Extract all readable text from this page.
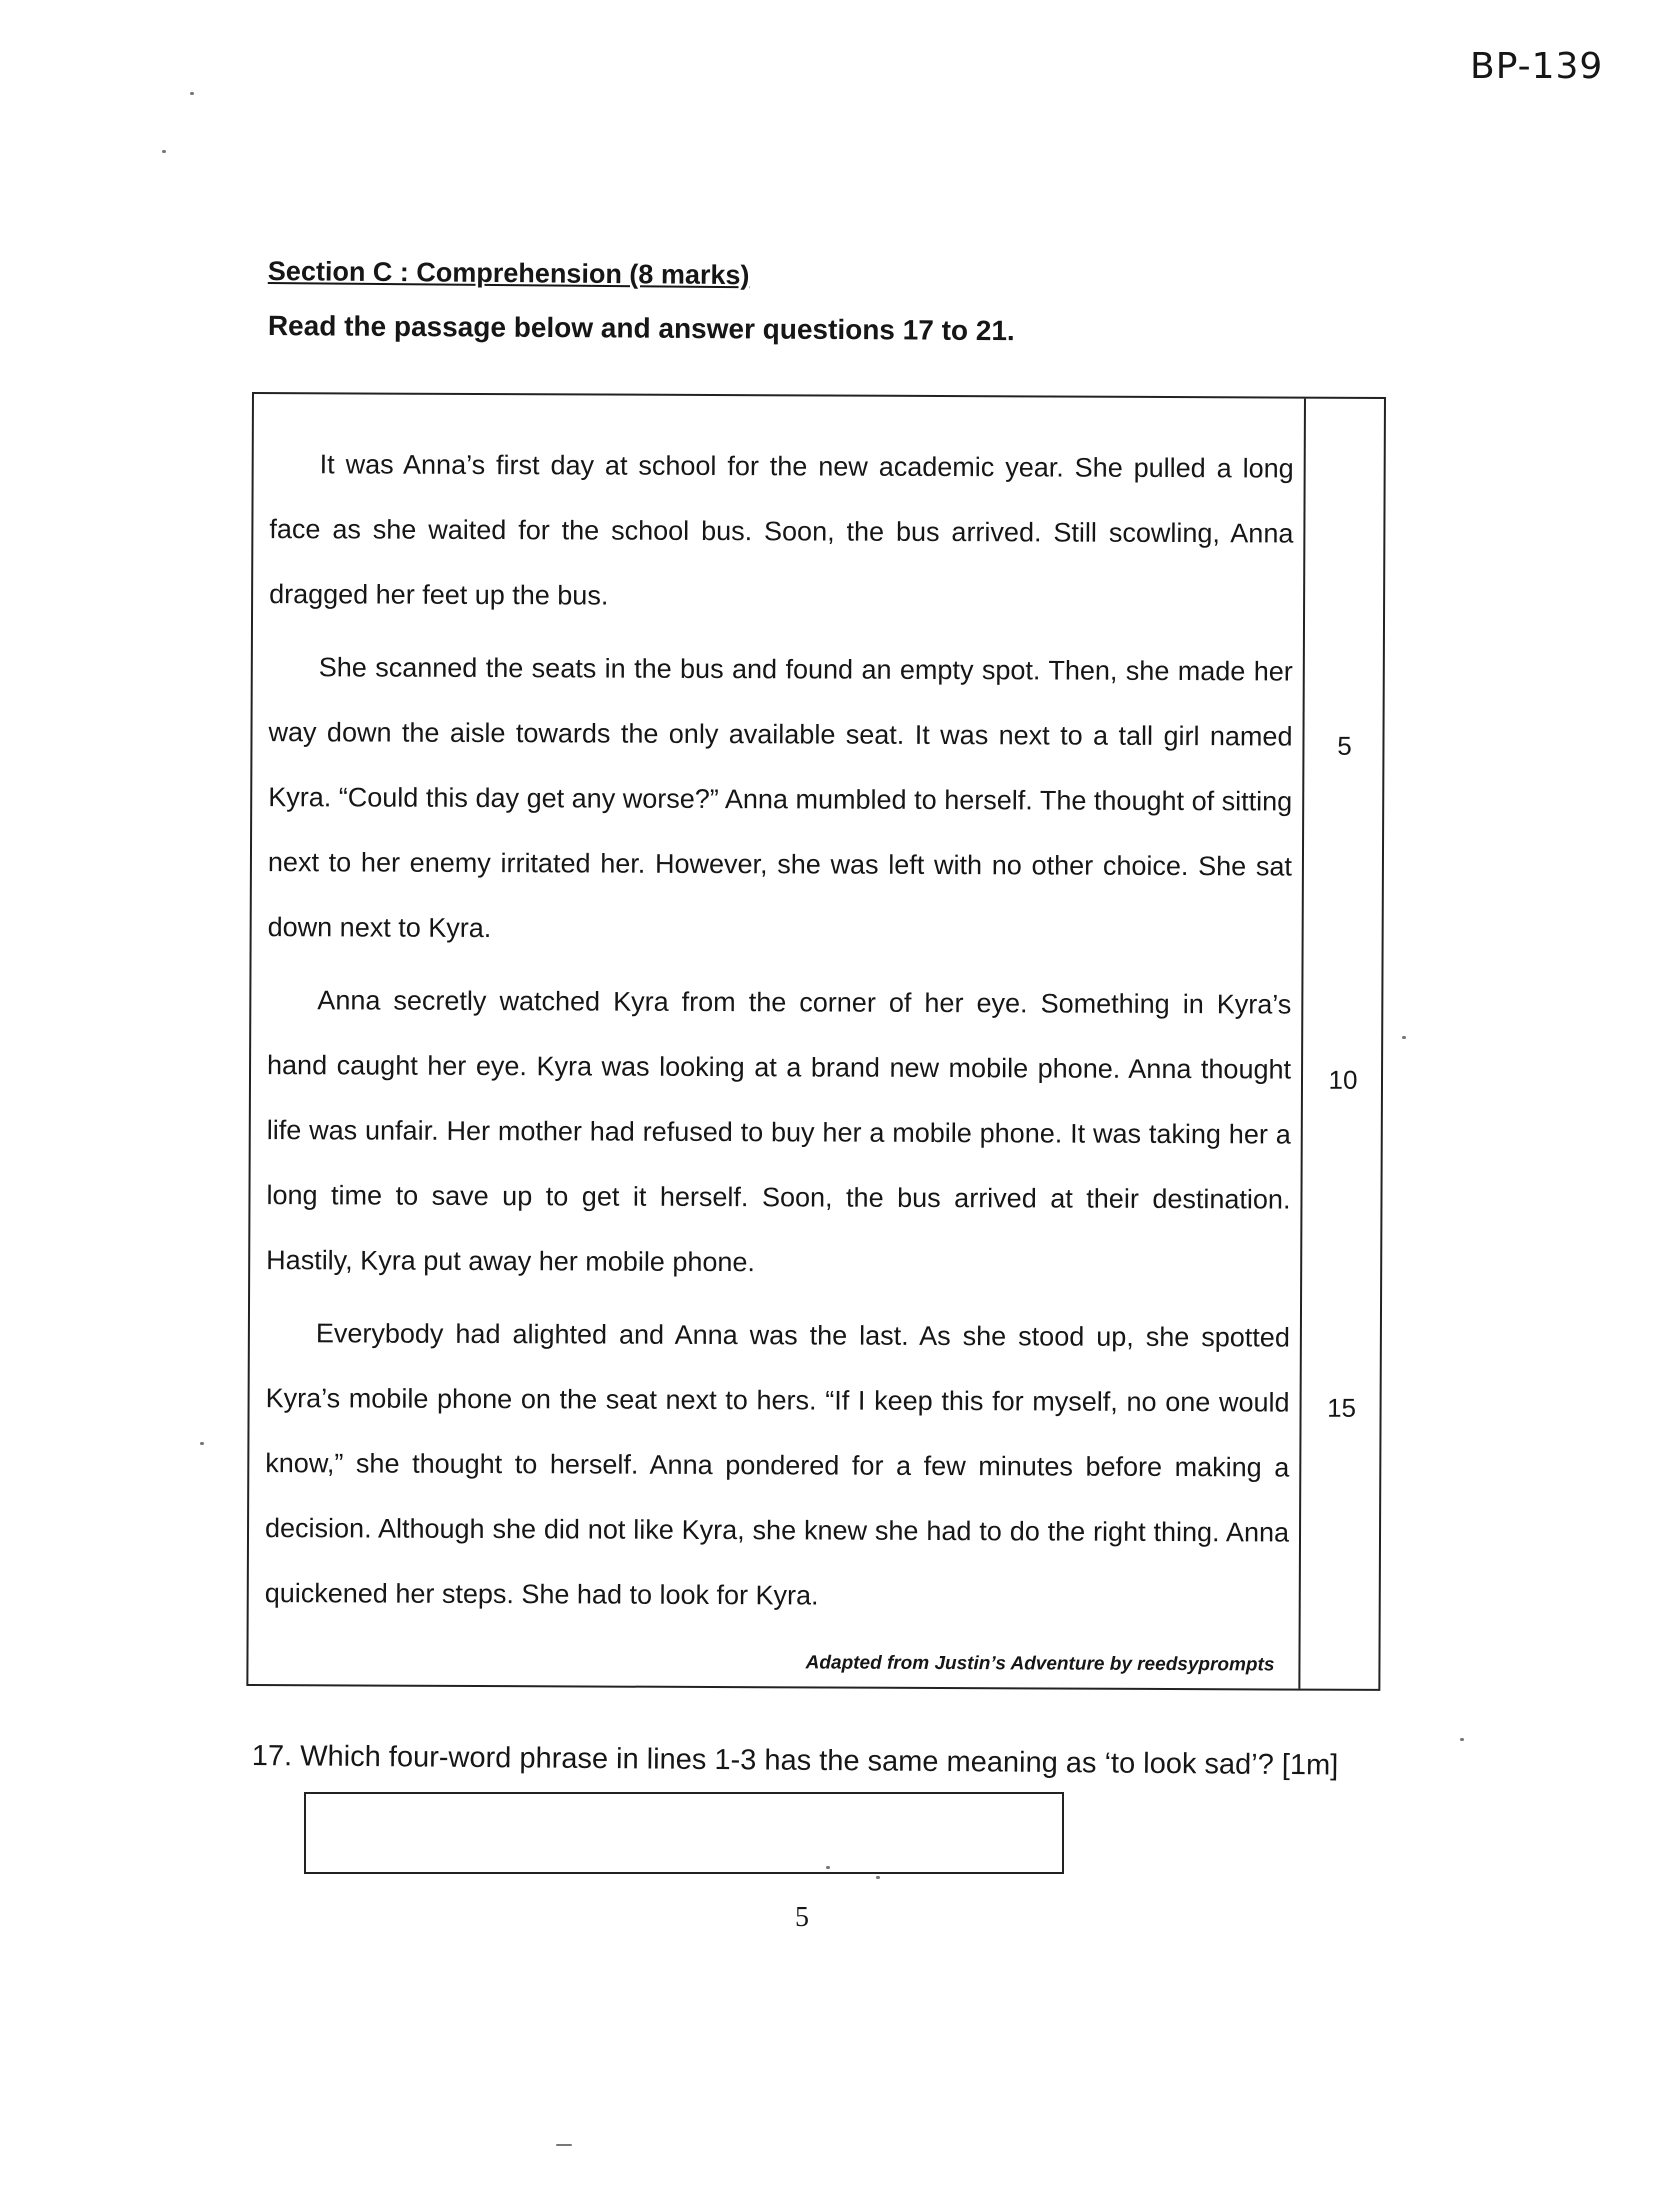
BP-139
Section C : Comprehension (8 marks)
Read the passage below and answer questions 17 to 21.

It was Anna’s first day at school for the new academic year. She pulled a long face as she waited for the school bus. Soon, the bus arrived. Still scowling, Anna dragged her feet up the bus.

She scanned the seats in the bus and found an empty spot. Then, she made her way down the aisle towards the only available seat. It was next to a tall girl named Kyra. “Could this day get any worse?” Anna mumbled to herself. The thought of sitting next to her enemy irritated her. However, she was left with no other choice. She sat down next to Kyra.

Anna secretly watched Kyra from the corner of her eye. Something in Kyra’s hand caught her eye. Kyra was looking at a brand new mobile phone. Anna thought life was unfair. Her mother had refused to buy her a mobile phone. It was taking her a long time to save up to get it herself. Soon, the bus arrived at their destination. Hastily, Kyra put away her mobile phone.

Everybody had alighted and Anna was the last. As she stood up, she spotted Kyra’s mobile phone on the seat next to hers. “If I keep this for myself, no one would know,” she thought to herself. Anna pondered for a few minutes before making a decision. Although she did not like Kyra, she knew she had to do the right thing. Anna quickened her steps. She had to look for Kyra.

5
10
15
Adapted from Justin’s Adventure by reedsyprompts
17. Which four-word phrase in lines 1-3 has the same meaning as ‘to look sad’? [1m]
5
